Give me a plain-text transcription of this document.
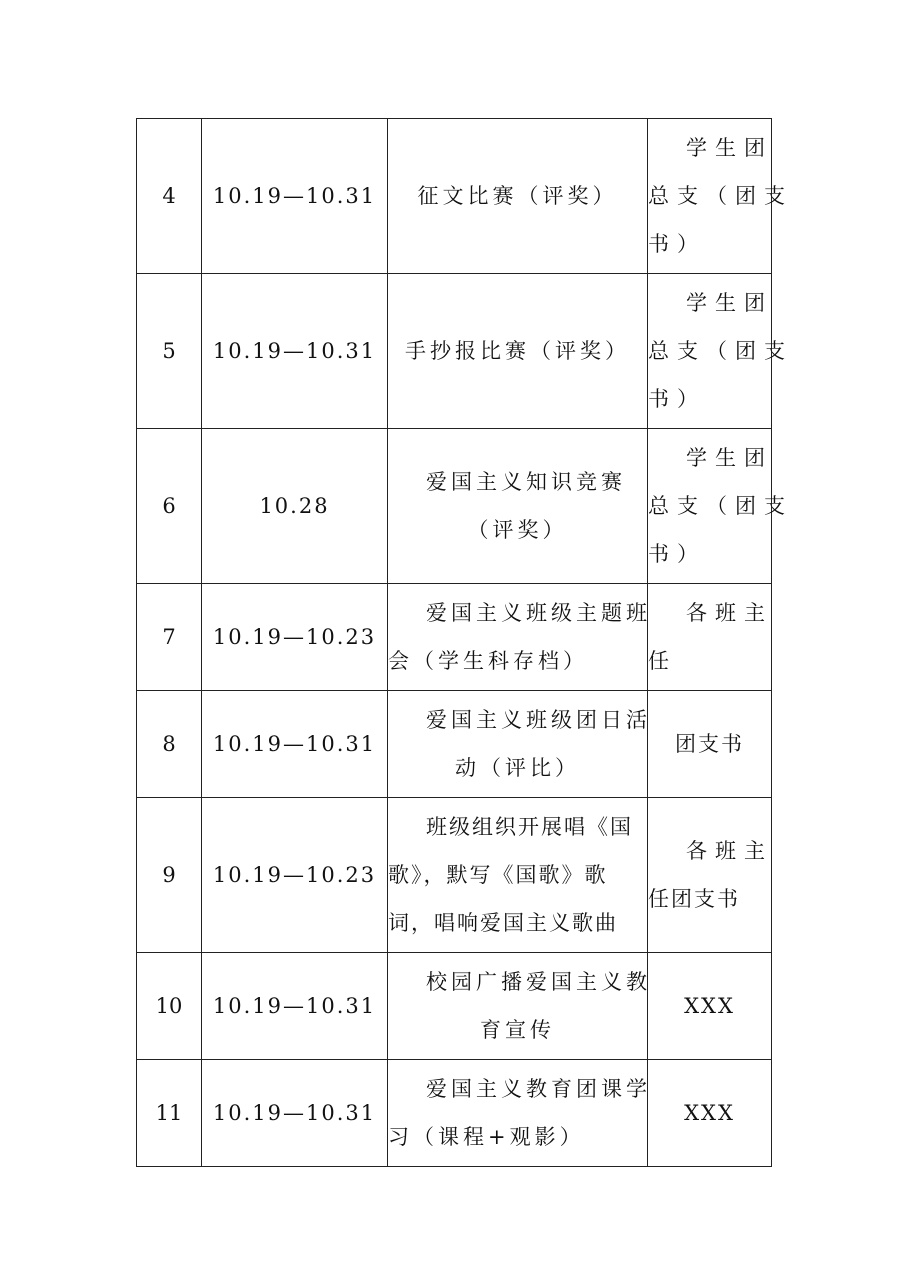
4	10.19—10.31	征文比赛（评奖）	学生团
总支（团支
书）

5	10.19—10.31	手抄报比赛（评奖）	学生团
总支（团支
书）

6	10.28	爱国主义知识竞赛
（评奖）	学生团
总支（团支
书）

7	10.19—10.23	爱国主义班级主题班
会（学生科存档）	各班主
任

8	10.19—10.31	爱国主义班级团日活
动（评比）	团支书

9	10.19—10.23	班级组织开展唱《国
歌》，默写《国歌》歌
词，唱响爱国主义歌曲	各班主
任团支书

10	10.19—10.31	校园广播爱国主义教
育宣传	XXX

11	10.19—10.31	爱国主义教育团课学
习（课程+观影）	XXX
